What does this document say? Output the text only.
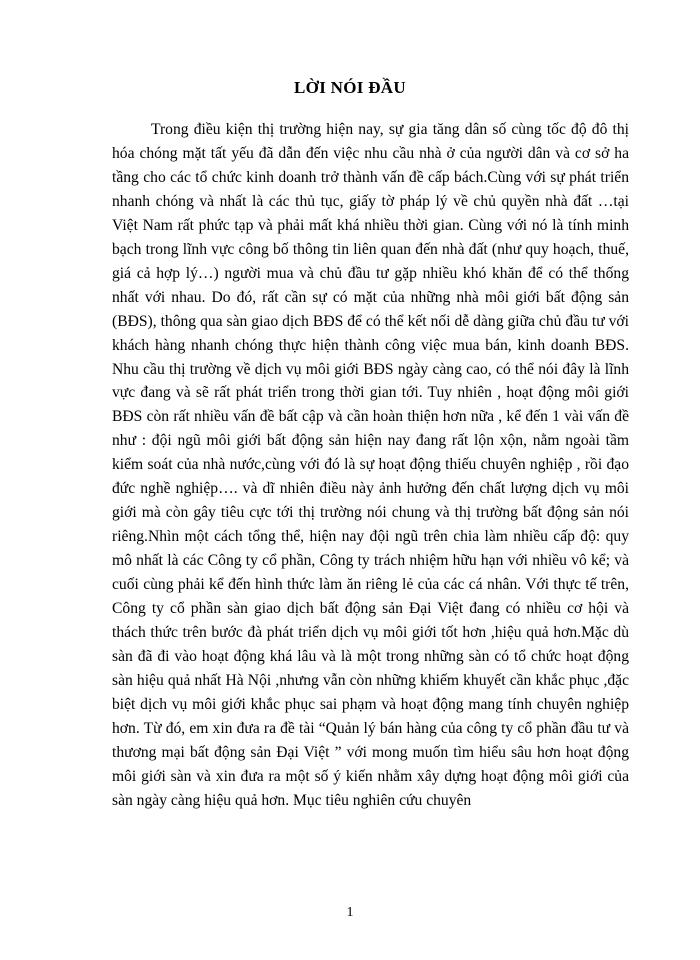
LỜI NÓI ĐẦU

Trong điều kiện thị trường hiện nay, sự gia tăng dân số cùng tốc độ đô thị hóa chóng mặt tất yếu đã dẫn đến việc nhu cầu nhà ở của người dân và cơ sở ha tầng cho các tổ chức kinh doanh trở thành vấn đề cấp bách.Cùng với sự phát triển nhanh chóng và nhất là các thủ tục, giấy tờ pháp lý về chủ quyền nhà đất …tại Việt Nam rất phức tạp và phải mất khá nhiều thời gian. Cùng với nó là tính minh bạch trong lĩnh vực công bố thông tin liên quan đến nhà đất (như quy hoạch, thuế, giá cả hợp lý…) người mua và chủ đầu tư gặp nhiều khó khăn để có thể thống nhất với nhau. Do đó, rất cần sự có mặt của những nhà môi giới bất động sản (BĐS), thông qua sàn giao dịch BĐS để có thể kết nối dễ dàng giữa chủ đầu tư với khách hàng nhanh chóng thực hiện thành công việc mua bán, kinh doanh BĐS. Nhu cầu thị trường về dịch vụ môi giới BĐS ngày càng cao, có thể nói đây là lĩnh vực đang và sẽ rất phát triển trong thời gian tới. Tuy nhiên , hoạt động môi giới BĐS còn rất nhiều vấn đề bất cập và cần hoàn thiện hơn nữa , kể đến 1 vài vấn đề như : đội ngũ môi giới bất động sản hiện nay đang rất lộn xộn, nằm ngoài tầm kiểm soát của nhà nước,cùng với đó là sự hoạt động thiếu chuyên nghiệp , rồi đạo đức nghề nghiệp…. và dĩ nhiên điều này ảnh hưởng đến chất lượng dịch vụ môi giới mà còn gây tiêu cực tới thị trường nói chung và thị trường bất động sản nói riêng.Nhìn một cách tổng thể, hiện nay đội ngũ trên chia làm nhiều cấp độ: quy mô nhất là các Công ty cổ phần, Công ty trách nhiệm hữu hạn với nhiều vô kể; và cuối cùng phải kể đến hình thức làm ăn riêng lẻ của các cá nhân. Với thực tế trên, Công ty cổ phần sàn giao dịch bất động sản Đại Việt đang có nhiều cơ hội và thách thức trên bước đà phát triển dịch vụ môi giới tốt hơn ,hiệu quả hơn.Mặc dù sàn đã đi vào hoạt động khá lâu và là một trong những sàn có tổ chức hoạt động sàn hiệu quả nhất Hà Nội ,nhưng vẫn còn những khiếm khuyết cần khắc phục ,đặc biệt dịch vụ môi giới khắc phục sai phạm và hoạt động mang tính chuyên nghiệp hơn. Từ đó, em xin đưa ra đề tài “Quản lý bán hàng của công ty cổ phần đầu tư và thương mại bất động sản Đại Việt ” với mong muốn tìm hiểu sâu hơn hoạt động môi giới sàn và xin đưa ra một số ý kiến nhằm xây dựng hoạt động môi giới của sàn ngày càng hiệu quả hơn. Mục tiêu nghiên cứu chuyên

1
